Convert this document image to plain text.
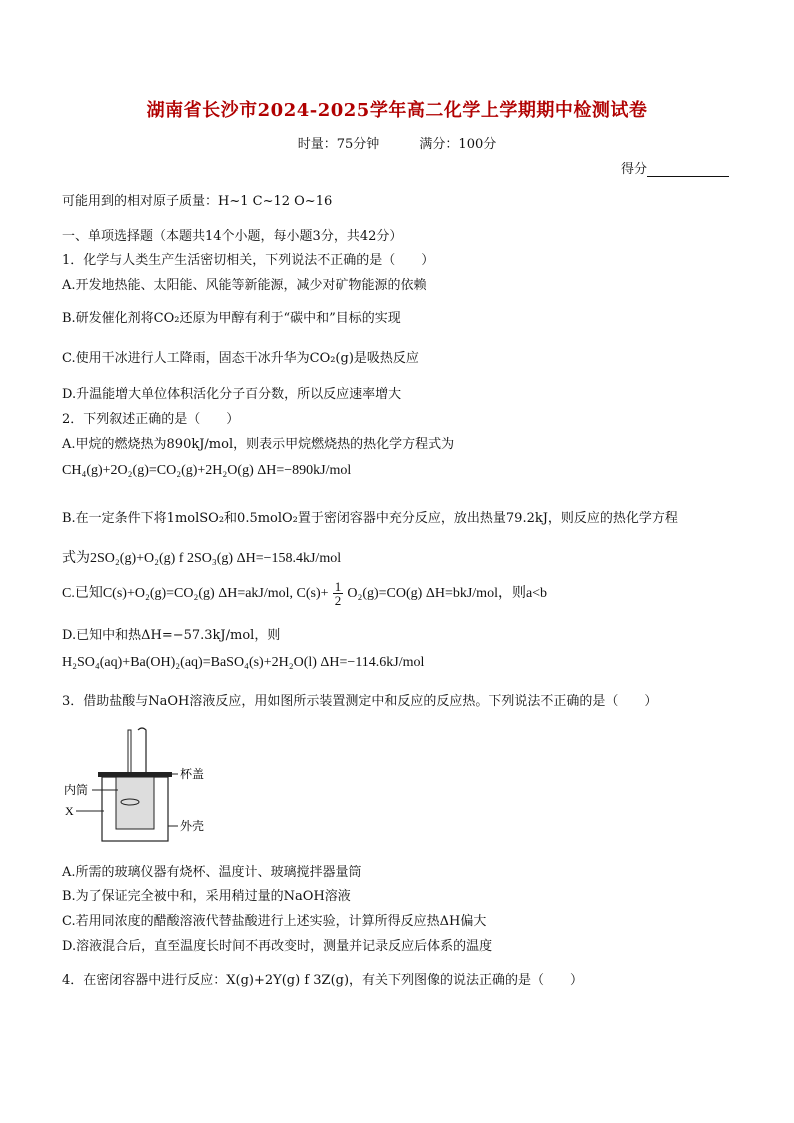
湖南省长沙市2024-2025学年高二化学上学期期中检测试卷
时量：75分钟	满分：100分
得分
可能用到的相对原子质量：H~1 C~12 O~16
一、单项选择题（本题共14个小题，每小题3分，共42分）
1．化学与人类生产生活密切相关，下列说法不正确的是（　　）
A.开发地热能、太阳能、风能等新能源，减少对矿物能源的依赖
B.研发催化剂将CO₂还原为甲醇有利于“碳中和”目标的实现
C.使用干冰进行人工降雨，固态干冰升华为CO₂(g)是吸热反应
D.升温能增大单位体积活化分子百分数，所以反应速率增大
2．下列叙述正确的是（　　）
A.甲烷的燃烧热为890kJ/mol，则表示甲烷燃烧热的热化学方程式为
CH₄(g)+2O₂(g)=CO₂(g)+2H₂O(g) ΔH=−890kJ/mol
B.在一定条件下将1molSO₂和0.5molO₂置于密闭容器中充分反应，放出热量79.2kJ，则反应的热化学方程
式为2SO₂(g)+O₂(g) f 2SO₃(g) ΔH=−158.4kJ/mol
C.已知C(s)+O₂(g)=CO₂(g) ΔH=akJ/mol, $C(s)+ \frac{1}{2} O_2(g)=CO(g)$ ΔH=bkJ/mol，则a<b
D.已知中和热ΔH=−57.3kJ/mol，则
H₂SO₄(aq)+Ba(OH)₂(aq)=BaSO₄(s)+2H₂O(l) ΔH=−114.6kJ/mol
3．借助盐酸与NaOH溶液反应，用如图所示装置测定中和反应的反应热。下列说法不正确的是（　　）
杯盖
内筒
X
外壳
A.所需的玻璃仪器有烧杯、温度计、玻璃搅拌器量筒
B.为了保证完全被中和，采用稍过量的NaOH溶液
C.若用同浓度的醋酸溶液代替盐酸进行上述实验，计算所得反应热ΔH偏大
D.溶液混合后，直至温度长时间不再改变时，测量并记录反应后体系的温度
4．在密闭容器中进行反应：X(g)+2Y(g) f 3Z(g)，有关下列图像的说法正确的是（　　）
